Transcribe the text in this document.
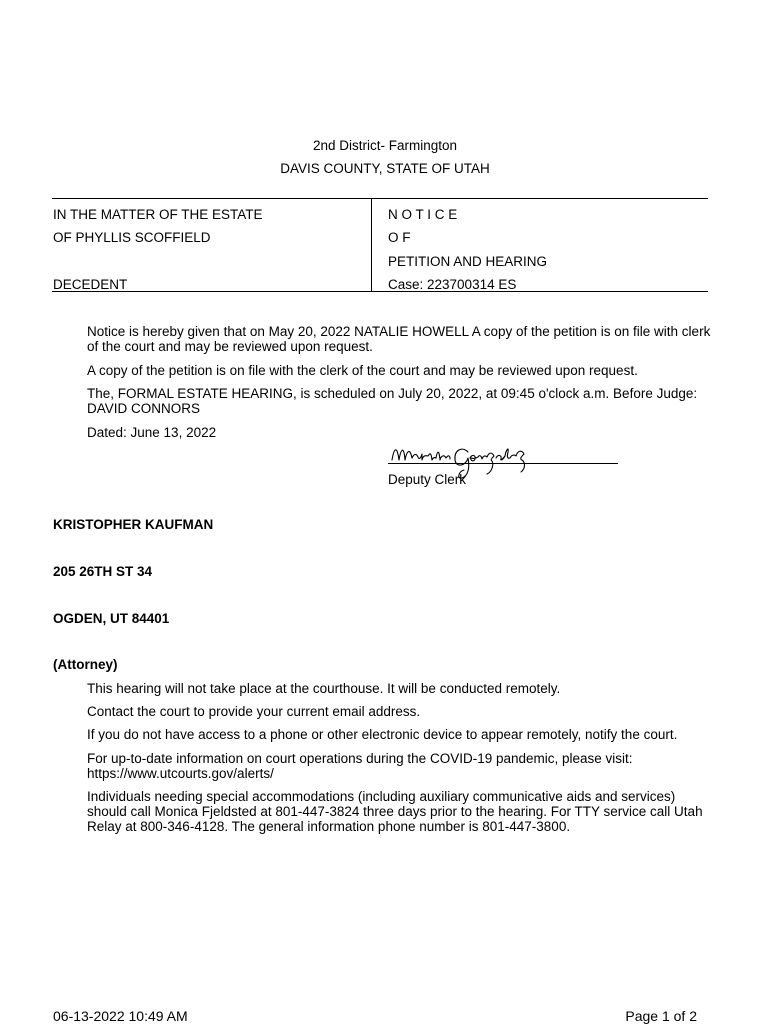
2nd District- Farmington
DAVIS COUNTY, STATE OF UTAH
IN THE MATTER OF THE ESTATE
OF PHYLLIS SCOFFIELD
DECEDENT
N O T I C E
O F
PETITION AND HEARING
Case: 223700314 ES
Notice is hereby given that on May 20, 2022 NATALIE HOWELL A copy of the petition is on file with clerk of the court and may be reviewed upon request.
A copy of the petition is on file with the clerk of the court and may be reviewed upon request.
The, FORMAL ESTATE HEARING, is scheduled on July 20, 2022, at 09:45 o'clock a.m. Before Judge: DAVID CONNORS
Dated: June 13, 2022
Deputy Clerk
KRISTOPHER KAUFMAN
205 26TH ST 34
OGDEN, UT 84401
(Attorney)
This hearing will not take place at the courthouse. It will be conducted remotely.
Contact the court to provide your current email address.
If you do not have access to a phone or other electronic device to appear remotely, notify the court.
For up-to-date information on court operations during the COVID-19 pandemic, please visit: https://www.utcourts.gov/alerts/
Individuals needing special accommodations (including auxiliary communicative aids and services) should call Monica Fjeldsted at 801-447-3824 three days prior to the hearing. For TTY service call Utah Relay at 800-346-4128. The general information phone number is 801-447-3800.
06-13-2022 10:49 AM	Page 1 of 2
